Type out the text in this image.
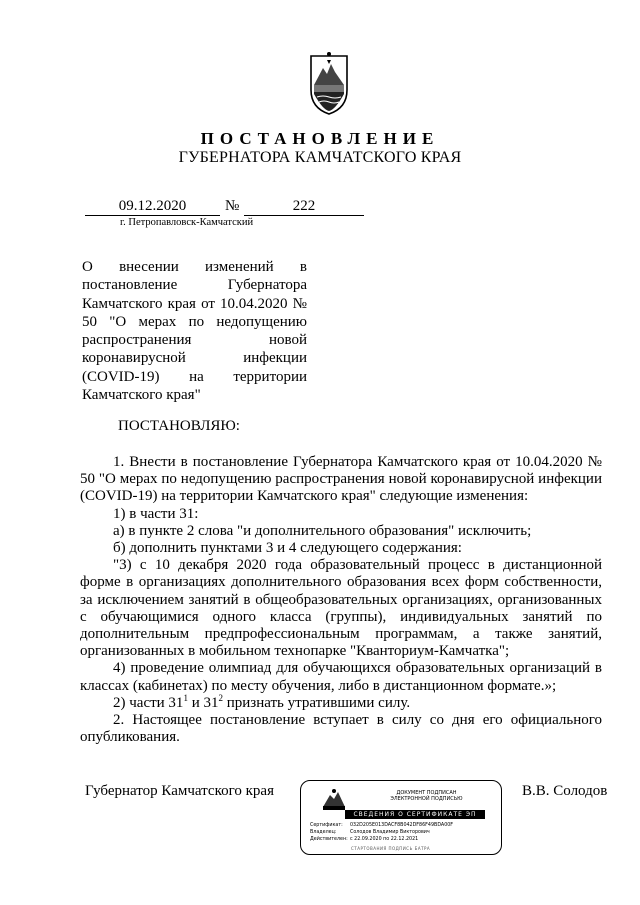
ПОСТАНОВЛЕНИЕ
ГУБЕРНАТОРА КАМЧАТСКОГО КРАЯ
09.12.2020	№	222
г. Петропавловск-Камчатский
О внесении изменений в постановление Губернатора Камчатского края от 10.04.2020 № 50 "О мерах по недопущению распространения новой коронавирусной инфекции (COVID-19) на территории Камчатского края"
ПОСТАНОВЛЯЮ:

1. Внести в постановление Губернатора Камчатского края от 10.04.2020 № 50 "О мерах по недопущению распространения новой коронавирусной инфекции (COVID-19) на территории Камчатского края" следующие изменения:

1) в части 31:

а) в пункте 2 слова "и дополнительного образования" исключить;

б) дополнить пунктами 3 и 4 следующего содержания:

"3) с 10 декабря 2020 года образовательный процесс в дистанционной форме в организациях дополнительного образования всех форм собственности, за исключением занятий в общеобразовательных организациях, организованных с обучающимися одного класса (группы), индивидуальных занятий по дополнительным предпрофессиональным программам, а также занятий, организованных в мобильном технопарке "Кванториум-Камчатка";

4) проведение олимпиад для обучающихся образовательных организаций в классах (кабинетах) по месту обучения, либо в дистанционном формате.»;

2) части $31^1$ и $31^2$ признать утратившими силу.

2. Настоящее постановление вступает в силу со дня его официального опубликования.

Губернатор Камчатского края	В.В. Солодов
ДОКУМЕНТ ПОДПИСАН
ЭЛЕКТРОННОЙ ПОДПИСЬЮ
СВЕДЕНИЯ О СЕРТИФИКАТЕ ЭП
Сертификат: 032D205E013DACF8B042DF86F49BDA00F
Владелец:	Солодов Владимир Викторович
Действителен: с 22.09.2020 по 22.12.2021
СТАРТОВАНИЯ ПОДПИСЬ БАТРА
